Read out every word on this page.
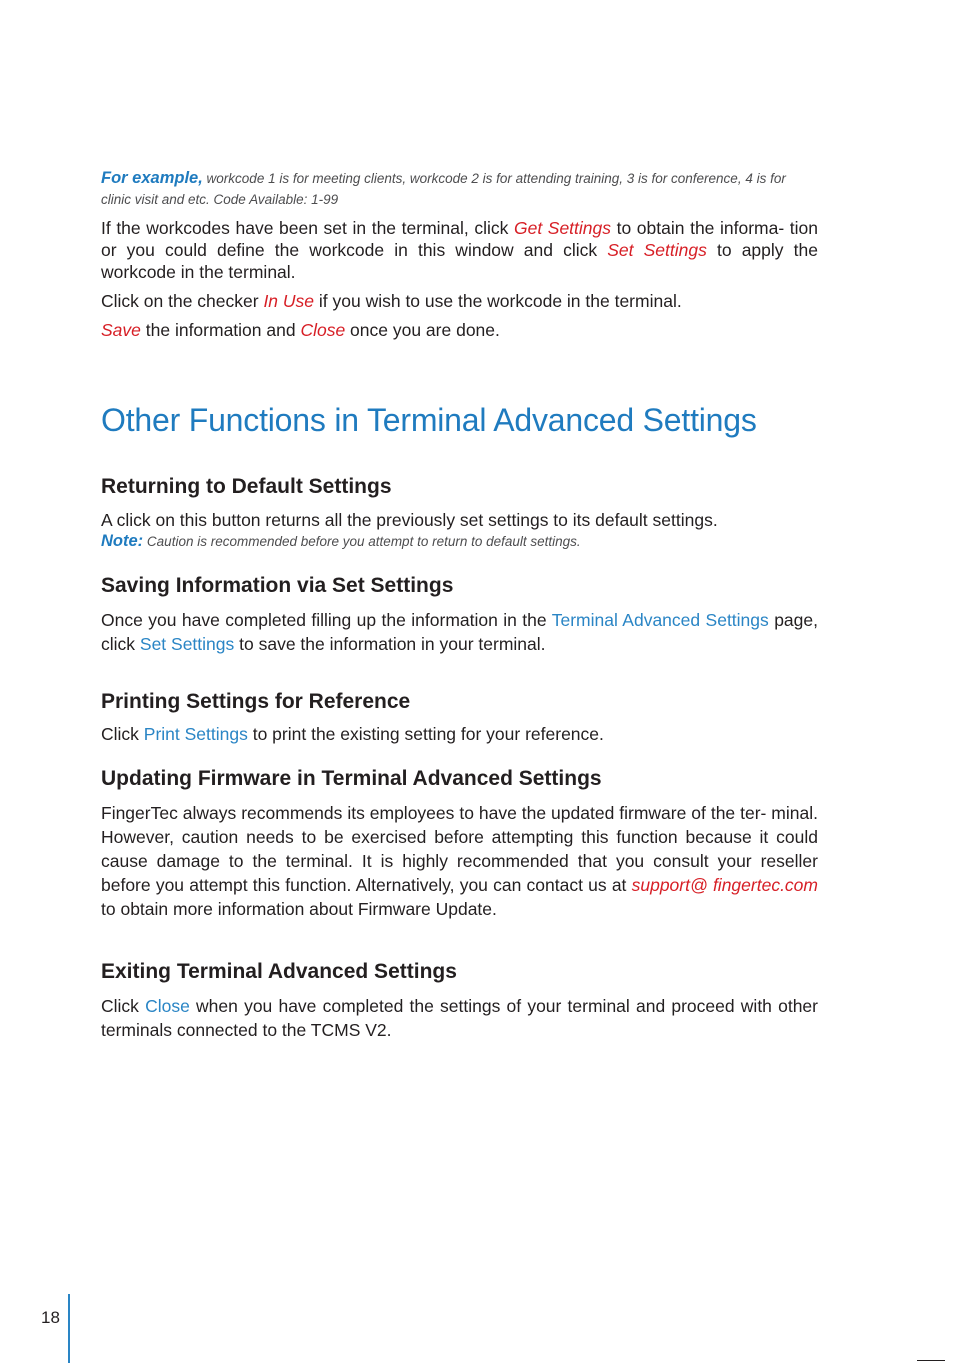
For example, workcode 1 is for meeting clients, workcode 2 is for attending training, 3 is for conference, 4 is for clinic visit and etc. Code Available: 1-99

If the workcodes have been set in the terminal, click Get Settings to obtain the informa- tion or you could define the workcode in this window and click Set Settings to apply the workcode in the terminal.

Click on the checker In Use if you wish to use the workcode in the terminal.

Save the information and Close once you are done.

Other Functions in Terminal Advanced Settings
Returning to Default Settings

A click on this button returns all the previously set settings to its default settings.

Note: Caution is recommended before you attempt to return to default settings.

Saving Information via Set Settings

Once you have completed filling up the information in the Terminal Advanced Settings page, click Set Settings to save the information in your terminal.

Printing Settings for Reference

Click Print Settings to print the existing setting for your reference.

Updating Firmware in Terminal Advanced Settings

FingerTec always recommends its employees to have the updated firmware of the ter- minal. However, caution needs to be exercised before attempting this function because it could cause damage to the terminal. It is highly recommended that you consult your reseller before you attempt this function. Alternatively, you can contact us at support@ fingertec.com to obtain more information about Firmware Update.

Exiting Terminal Advanced Settings

Click Close when you have completed the settings of your terminal and proceed with other terminals connected to the TCMS V2.

18
